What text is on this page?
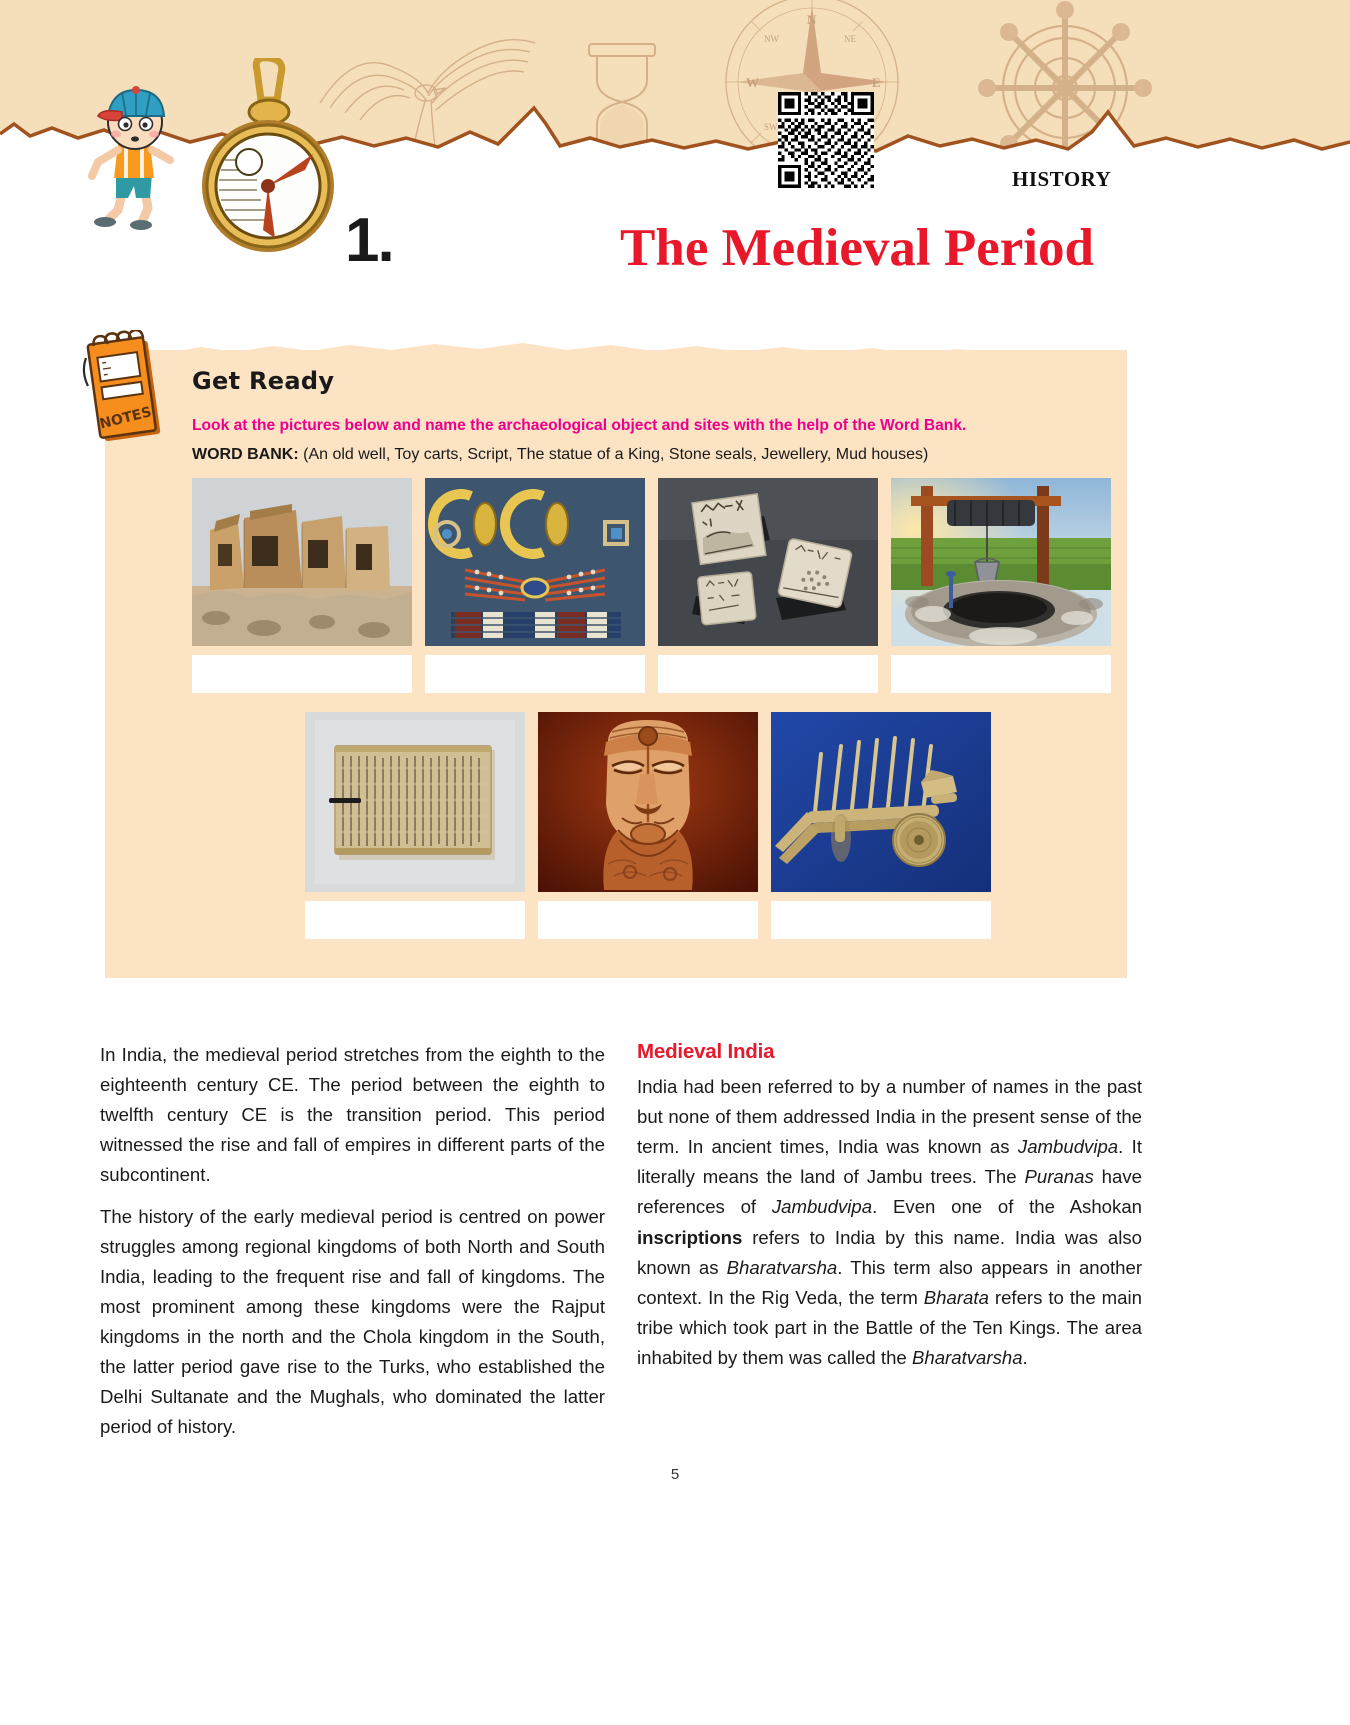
N
W	E
NW	NE
SW
HISTORY
1.	The Medieval Period
NOTES
Get Ready
Look at the pictures below and name the archaeological object and sites with the help of the Word Bank.
WORD BANK: (An old well, Toy carts, Script, The statue of a King, Stone seals, Jewellery, Mud houses)

In India, the medieval period stretches from the eighth to the eighteenth century CE. The period between the eighth to twelfth century CE is the transition period. This period witnessed the rise and fall of empires in different parts of the subcontinent.

The history of the early medieval period is centred on power struggles among regional kingdoms of both North and South India, leading to the frequent rise and fall of kingdoms. The most prominent among these kingdoms were the Rajput kingdoms in the north and the Chola kingdom in the South, the latter period gave rise to the Turks, who established the Delhi Sultanate and the Mughals, who dominated the latter period of history.

Medieval India

India had been referred to by a number of names in the past but none of them addressed India in the present sense of the term. In ancient times, India was known as Jambudvipa. It literally means the land of Jambu trees. The Puranas have references of Jambudvipa. Even one of the Ashokan inscriptions refers to India by this name. India was also known as Bharatvarsha. This term also appears in another context. In the Rig Veda, the term Bharata refers to the main tribe which took part in the Battle of the Ten Kings. The area inhabited by them was called the Bharatvarsha.

5
